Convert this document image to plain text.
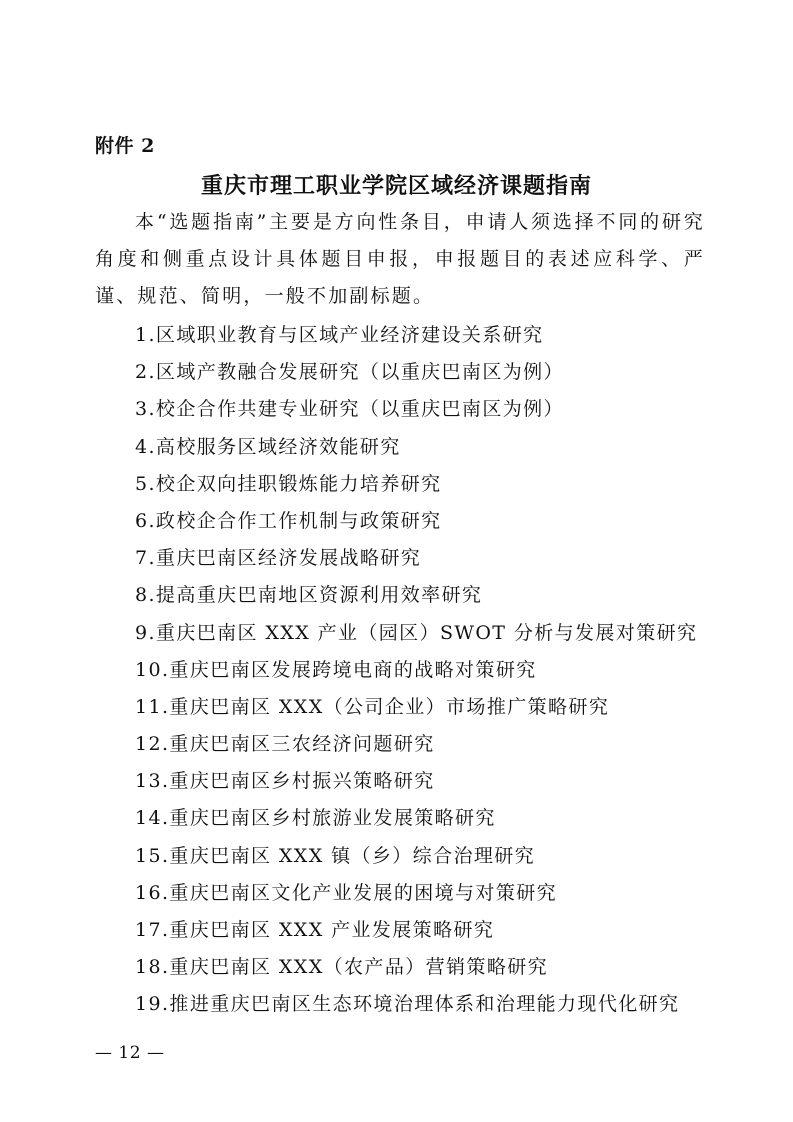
附件 2
重庆市理工职业学院区域经济课题指南
本“选题指南”主要是方向性条目，申请人须选择不同的研究角度和侧重点设计具体题目申报，申报题目的表述应科学、严谨、规范、简明，一般不加副标题。
1.区域职业教育与区域产业经济建设关系研究
2.区域产教融合发展研究（以重庆巴南区为例）
3.校企合作共建专业研究（以重庆巴南区为例）
4.高校服务区域经济效能研究
5.校企双向挂职锻炼能力培养研究
6.政校企合作工作机制与政策研究
7.重庆巴南区经济发展战略研究
8.提高重庆巴南地区资源利用效率研究
9.重庆巴南区 XXX 产业（园区）SWOT 分析与发展对策研究
10.重庆巴南区发展跨境电商的战略对策研究
11.重庆巴南区 XXX（公司企业）市场推广策略研究
12.重庆巴南区三农经济问题研究
13.重庆巴南区乡村振兴策略研究
14.重庆巴南区乡村旅游业发展策略研究
15.重庆巴南区 XXX 镇（乡）综合治理研究
16.重庆巴南区文化产业发展的困境与对策研究
17.重庆巴南区 XXX 产业发展策略研究
18.重庆巴南区 XXX（农产品）营销策略研究
19.推进重庆巴南区生态环境治理体系和治理能力现代化研究
— 12 —
